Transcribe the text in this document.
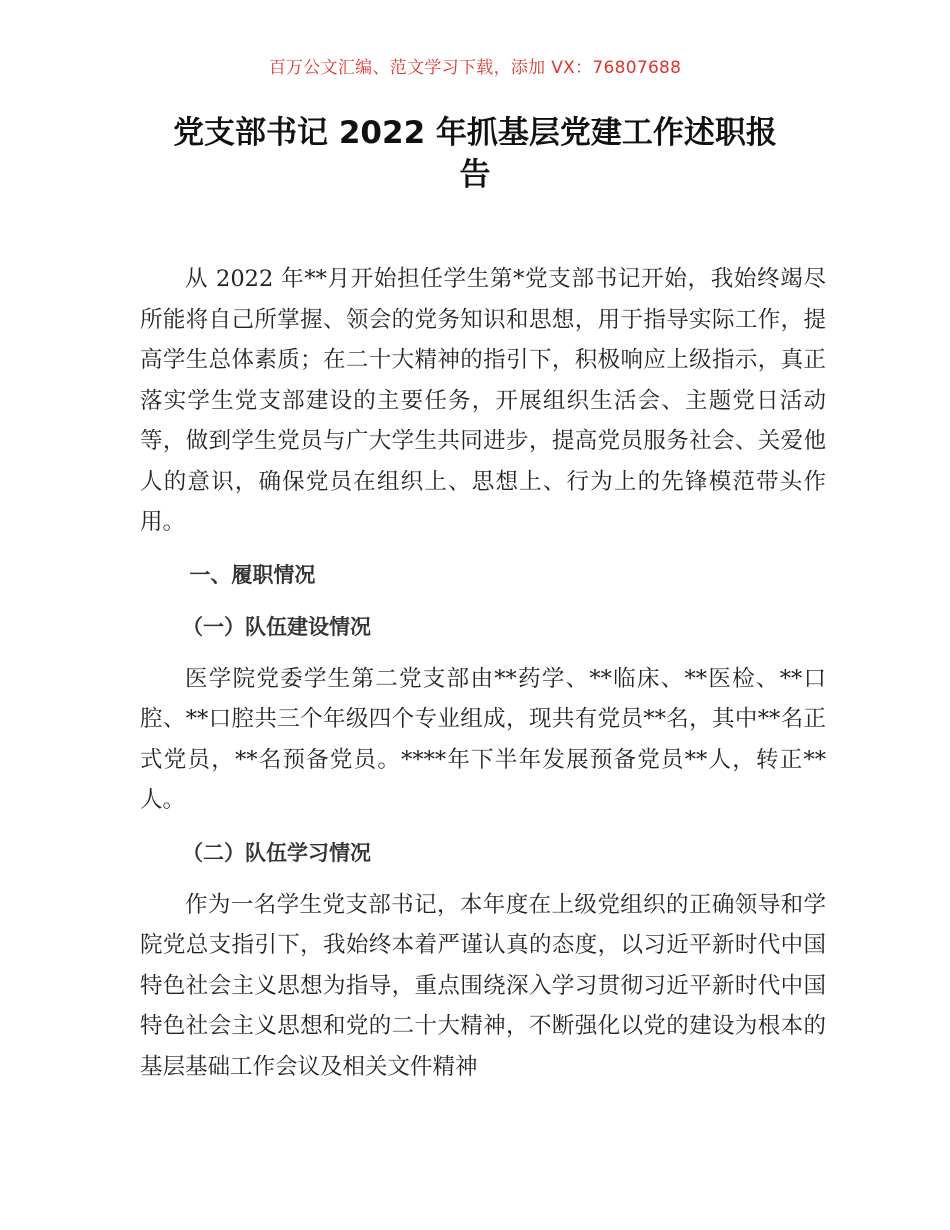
百万公文汇编、范文学习下载，添加 VX：76807688
党支部书记 2022 年抓基层党建工作述职报
告

从 2022 年**月开始担任学生第*党支部书记开始，我始终竭尽所能将自己所掌握、领会的党务知识和思想，用于指导实际工作，提高学生总体素质；在二十大精神的指引下，积极响应上级指示，真正落实学生党支部建设的主要任务，开展组织生活会、主题党日活动等，做到学生党员与广大学生共同进步，提高党员服务社会、关爱他人的意识，确保党员在组织上、思想上、行为上的先锋模范带头作用。

一、履职情况

（一）队伍建设情况

医学院党委学生第二党支部由**药学、**临床、**医检、**口腔、**口腔共三个年级四个专业组成，现共有党员**名，其中**名正式党员，**名预备党员。****年下半年发展预备党员**人，转正**人。

（二）队伍学习情况

作为一名学生党支部书记，本年度在上级党组织的正确领导和学院党总支指引下，我始终本着严谨认真的态度，以习近平新时代中国特色社会主义思想为指导，重点围绕深入学习贯彻习近平新时代中国特色社会主义思想和党的二十大精神，不断强化以党的建设为根本的基层基础工作会议及相关文件精神
